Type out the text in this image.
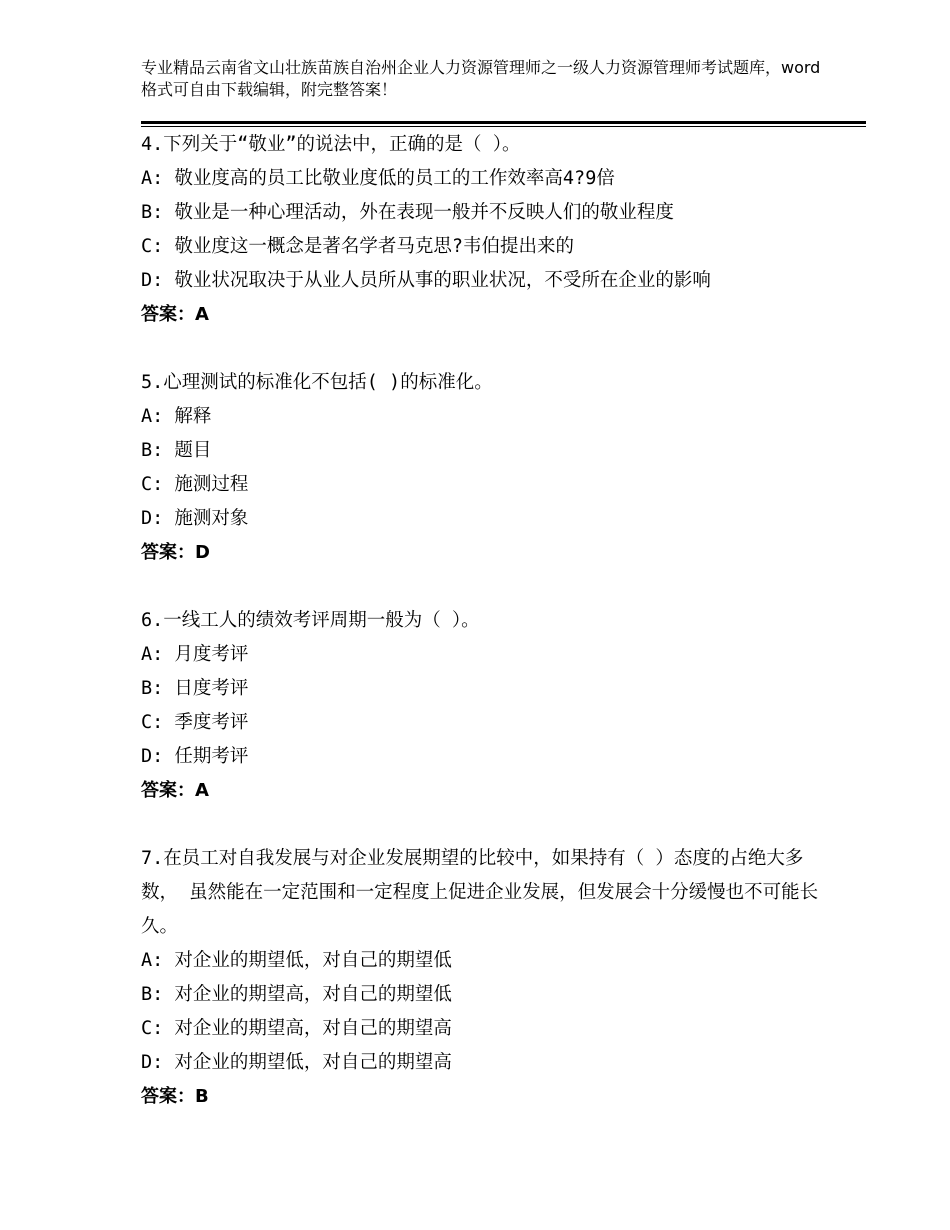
专业精品云南省文山壮族苗族自治州企业人力资源管理师之一级人力资源管理师考试题库，word格式可自由下载编辑，附完整答案！
4.下列关于“敬业”的说法中，正确的是（ ）。
A: 敬业度高的员工比敬业度低的员工的工作效率高4?9倍
B: 敬业是一种心理活动，外在表现一般并不反映人们的敬业程度
C: 敬业度这一概念是著名学者马克思?韦伯提出来的
D: 敬业状况取决于从业人员所从事的职业状况，不受所在企业的影响
答案：A
5.心理测试的标准化不包括( )的标准化。
A: 解释
B: 题目
C: 施测过程
D: 施测对象
答案：D
6.一线工人的绩效考评周期一般为（ ）。
A: 月度考评
B: 日度考评
C: 季度考评
D: 任期考评
答案：A
7.在员工对自我发展与对企业发展期望的比较中，如果持有（ ）态度的占绝大多数， 虽然能在一定范围和一定程度上促进企业发展，但发展会十分缓慢也不可能长久。
A: 对企业的期望低，对自己的期望低
B: 对企业的期望高，对自己的期望低
C: 对企业的期望高，对自己的期望高
D: 对企业的期望低，对自己的期望高
答案：B
